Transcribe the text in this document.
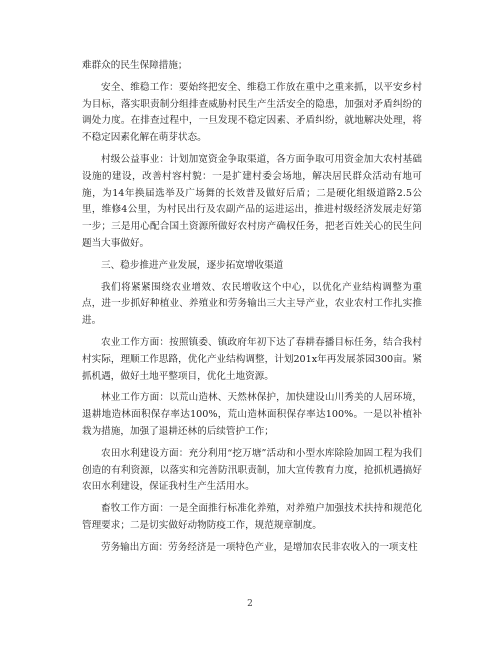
难群众的民生保障措施；

安全、维稳工作：要始终把安全、维稳工作放在重中之重来抓，以平安乡村为目标，落实职责制分组排查威胁村民生产生活安全的隐患，加强对矛盾纠纷的调处力度。在排查过程中，一旦发现不稳定因素、矛盾纠纷，就地解决处理，将不稳定因素化解在萌芽状态。

村级公益事业：计划加宽资金争取渠道，各方面争取可用资金加大农村基础设施的建设，改善村容村貌：一是扩建村委会场地，解决居民群众活动有地可施，为14年换届选举及广场舞的长效普及做好后盾；二是硬化组级道路2.5公里，维修4公里，为村民出行及农副产品的运进运出，推进村级经济发展走好第一步；三是用心配合国土资源所做好农村房产确权任务，把老百姓关心的民生问题当大事做好。

三、稳步推进产业发展，逐步拓宽增收渠道

我们将紧紧围绕农业增效、农民增收这个中心，以优化产业结构调整为重点，进一步抓好种植业、养殖业和劳务输出三大主导产业，农业农村工作扎实推进。

农业工作方面：按照镇委、镇政府年初下达了春耕春播目标任务，结合我村村实际，理顺工作思路，优化产业结构调整，计划201x年再发展茶园300亩。紧抓机遇，做好土地平整项目，优化土地资源。

林业工作方面：以荒山造林、天然林保护，加快建设山川秀美的人居环境，退耕地造林面积保存率达100%，荒山造林面积保存率达100%。一是以补植补栽为措施，加强了退耕还林的后续管护工作；

农田水利建设方面：充分利用“挖万塘”活动和小型水库除险加固工程为我们创造的有利资源，以落实和完善防汛职责制，加大宣传教育力度，抢抓机遇搞好农田水利建设，保证我村生产生活用水。

畜牧工作方面：一是全面推行标准化养殖，对养殖户加强技术扶持和规范化管理要求；二是切实做好动物防疫工作，规范规章制度。

劳务输出方面：劳务经济是一项特色产业，是增加农民非农收入的一项支柱

2
